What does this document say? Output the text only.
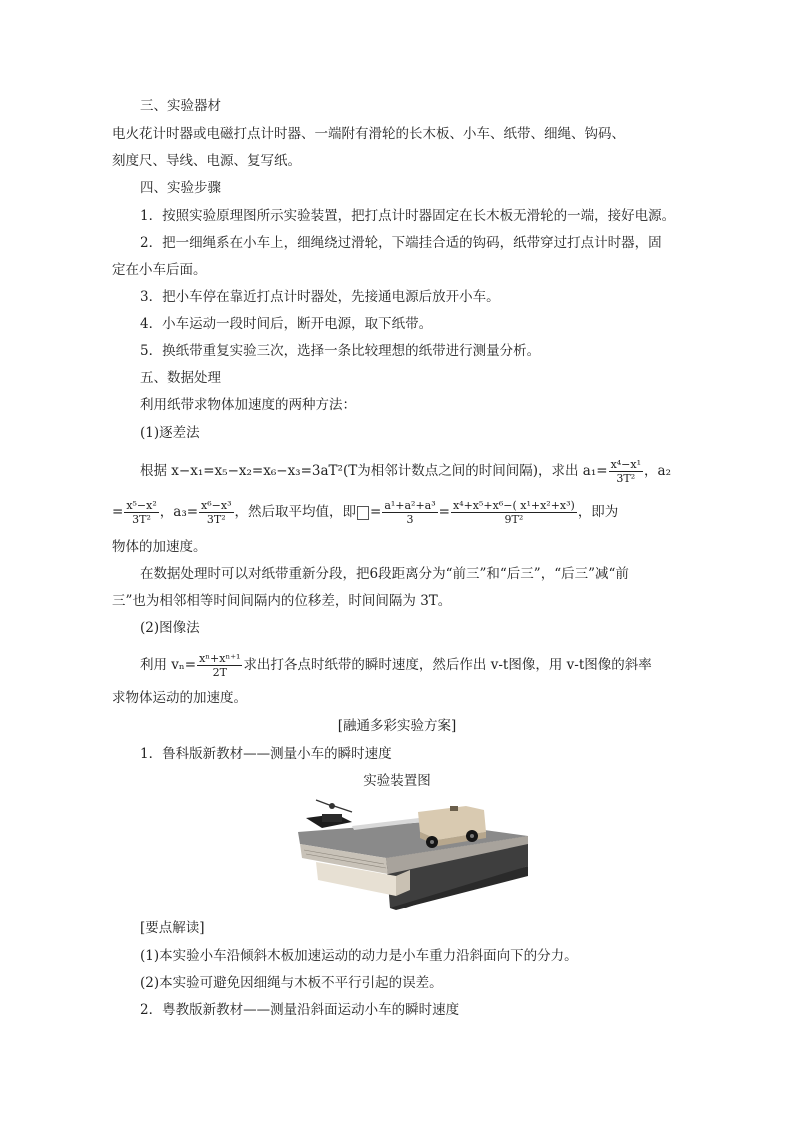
三、实验器材
电火花计时器或电磁打点计时器、一端附有滑轮的长木板、小车、纸带、细绳、钩码、
刻度尺、导线、电源、复写纸。
四、实验步骤
1．按照实验原理图所示实验装置，把打点计时器固定在长木板无滑轮的一端，接好电源。
2．把一细绳系在小车上，细绳绕过滑轮，下端挂合适的钩码，纸带穿过打点计时器，固
定在小车后面。
3．把小车停在靠近打点计时器处，先接通电源后放开小车。
4．小车运动一段时间后，断开电源，取下纸带。
5．换纸带重复实验三次，选择一条比较理想的纸带进行测量分析。
五、数据处理
利用纸带求物体加速度的两种方法：
(1)逐差法
根据 x−x₁=x₅−x₂=x₆−x₃=3aT²(T为相邻计数点之间的时间间隔)，求出 $a_1= \frac{\text{x⁴−x¹}}{\text{3T²}}$ ，a₂
= $\frac{\text{x⁵−x²}}{\text{3T²}}$ ，$a_3= \frac{\text{x⁶−x³}}{\text{3T²}}$ ，然后取平均值，即 = $\frac{\text{a¹+a²+a³}}{3} = \frac{\text{x⁴+x⁵+x⁶−( x¹+x²+x³)}}{\text{9T²}}$ ，即为
物体的加速度。
在数据处理时可以对纸带重新分段，把6段距离分为“前三”和“后三”，“后三”减“前
三”也为相邻相等时间间隔内的位移差，时间间隔为 3T。
(2)图像法
利用 $v_n= \frac{\text{xⁿ+xⁿ⁺¹}}{2T}$ 求出打各点时纸带的瞬时速度，然后作出 v-t图像，用 v-t图像的斜率
求物体运动的加速度。
[融通多彩实验方案]
1．鲁科版新教材——测量小车的瞬时速度
实验装置图
[要点解读]
(1)本实验小车沿倾斜木板加速运动的动力是小车重力沿斜面向下的分力。
(2)本实验可避免因细绳与木板不平行引起的误差。
2．粤教版新教材——测量沿斜面运动小车的瞬时速度
